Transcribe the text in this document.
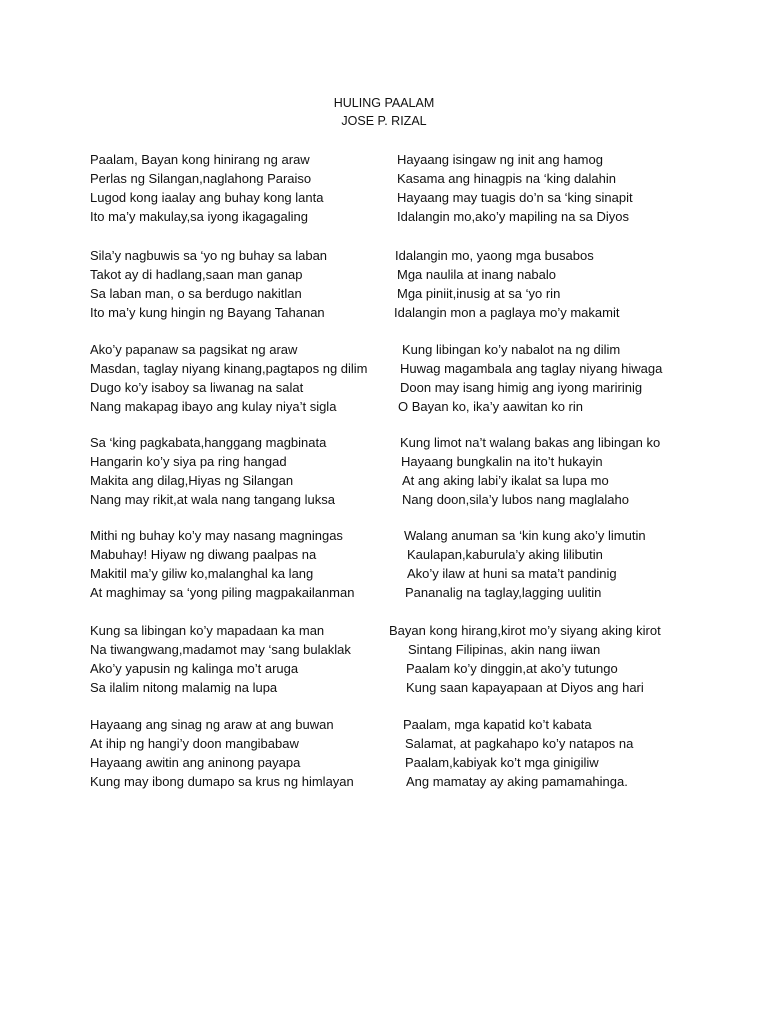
HULING PAALAM
JOSE P. RIZAL
Paalam, Bayan kong hinirang ng araw
Perlas ng Silangan,naglahong Paraiso
Lugod kong iaalay ang buhay kong lanta
Ito ma’y makulay,sa iyong ikagagaling
Hayaang isingaw ng init ang hamog
Kasama ang hinagpis na ‘king dalahin
Hayaang may tuagis do’n sa ‘king sinapit
Idalangin mo,ako’y mapiling na sa Diyos
Sila’y nagbuwis sa ‘yo ng buhay sa laban
Takot ay di hadlang,saan man ganap
Sa laban man, o sa berdugo nakitlan
Ito ma’y kung hingin ng Bayang Tahanan
Idalangin mo, yaong mga busabos
Mga naulila at inang nabalo
Mga piniit,inusig at sa ‘yo rin
Idalangin mon a paglaya mo’y makamit
Ako’y papanaw sa pagsikat ng araw
Masdan, taglay niyang kinang,pagtapos ng dilim
Dugo ko’y isaboy sa liwanag na salat
Nang makapag ibayo ang kulay niya’t sigla
Kung libingan ko’y nabalot na ng dilim
Huwag magambala ang taglay niyang hiwaga
Doon may isang himig ang iyong maririnig
O Bayan ko, ika’y aawitan ko rin
Sa ‘king pagkabata,hanggang magbinata
Hangarin ko’y siya pa ring hangad
Makita ang dilag,Hiyas ng Silangan
Nang may rikit,at wala nang tangang luksa
Kung limot na’t walang bakas ang libingan ko
Hayaang bungkalin na ito’t hukayin
At ang aking labi’y ikalat sa lupa mo
Nang doon,sila’y lubos nang maglalaho
Mithi ng buhay ko’y may nasang magningas
Mabuhay! Hiyaw ng diwang paalpas na
Makitil ma’y giliw ko,malanghal ka lang
At maghimay sa ‘yong piling magpakailanman
Walang anuman sa ‘kin kung ako’y limutin
Kaulapan,kaburula’y aking lilibutin
Ako’y ilaw at huni sa mata’t pandinig
Pananalig na taglay,lagging uulitin
Kung sa libingan ko’y mapadaan ka man
Na tiwangwang,madamot may ‘sang bulaklak
Ako’y yapusin ng kalinga mo’t aruga
Sa ilalim nitong malamig na lupa
Bayan kong hirang,kirot mo’y siyang aking kirot
Sintang Filipinas, akin nang iiwan
Paalam ko’y dinggin,at ako’y tutungo
Kung saan kapayapaan at Diyos ang hari
Hayaang ang sinag ng araw at ang buwan
At ihip ng hangi’y doon mangibabaw
Hayaang awitin ang aninong payapa
Kung may ibong dumapo sa krus ng himlayan
Paalam, mga kapatid ko’t kabata
Salamat, at pagkahapo ko’y natapos na
Paalam,kabiyak ko’t mga ginigiliw
Ang mamatay ay aking pamamahinga.
